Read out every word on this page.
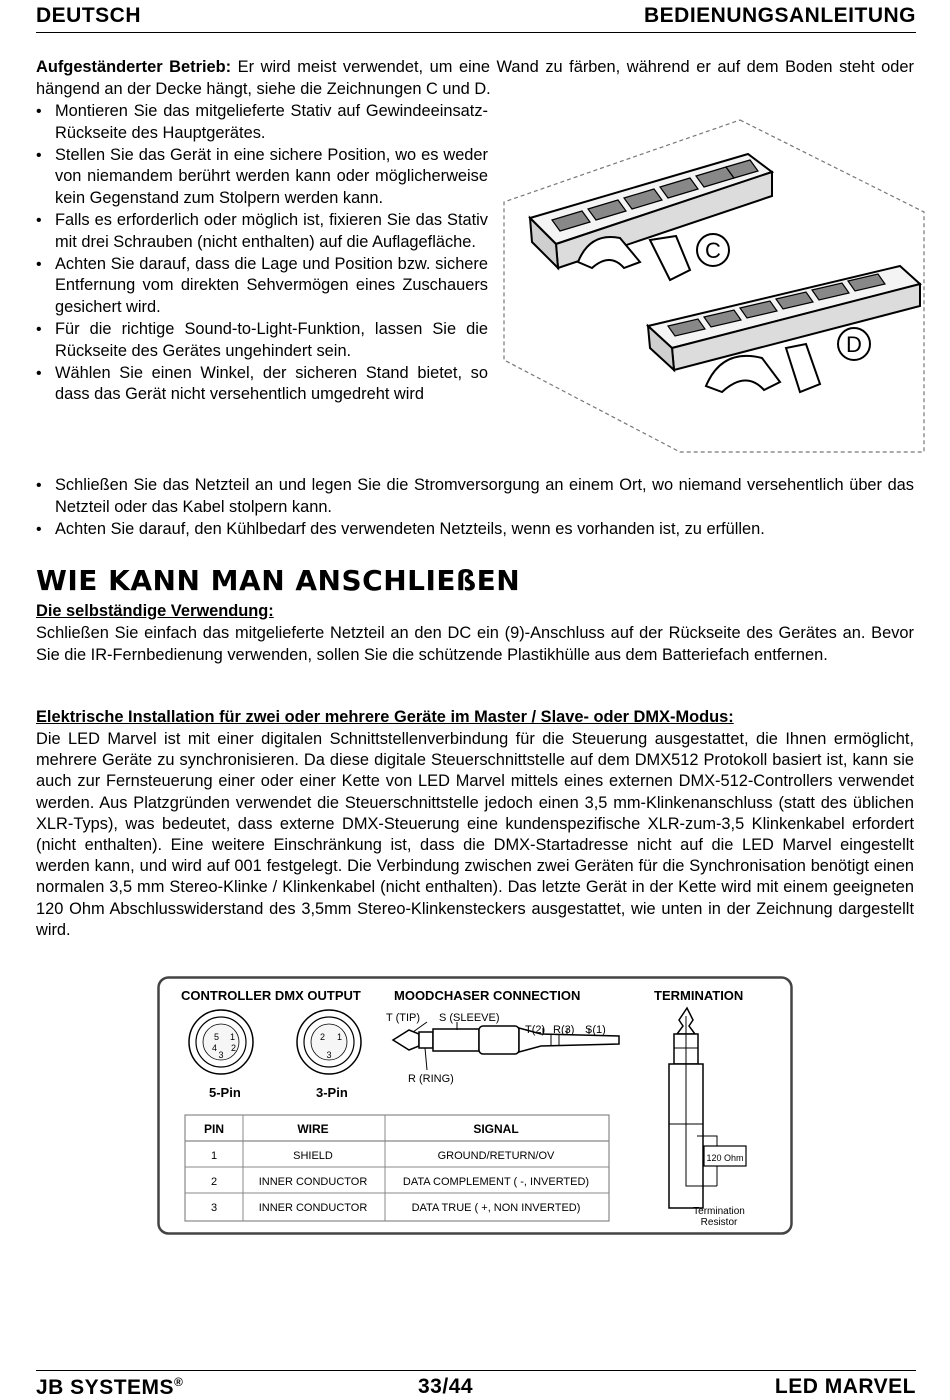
DEUTSCH	BEDIENUNGSANLEITUNG

Aufgeständerter Betrieb: Er wird meist verwendet, um eine Wand zu färben, während er auf dem Boden steht oder hängend an der Decke hängt, siehe die Zeichnungen C und D.

• Montieren Sie das mitgelieferte Stativ auf Gewindeeinsatz-Rückseite des Hauptgerätes.
• Stellen Sie das Gerät in eine sichere Position, wo es weder von niemandem berührt werden kann oder möglicherweise kein Gegenstand zum Stolpern werden kann.
• Falls es erforderlich oder möglich ist, fixieren Sie das Stativ mit drei Schrauben (nicht enthalten) auf die Auflagefläche.
• Achten Sie darauf, dass die Lage und Position bzw. sichere Entfernung vom direkten Sehvermögen eines Zuschauers gesichert wird.
• Für die richtige Sound-to-Light-Funktion, lassen Sie die Rückseite des Gerätes ungehindert sein.
• Wählen Sie einen Winkel, der sicheren Stand bietet, so dass das Gerät nicht versehentlich umgedreht wird
• Schließen Sie das Netzteil an und legen Sie die Stromversorgung an einem Ort, wo niemand versehentlich über das Netzteil oder das Kabel stolpern kann.
• Achten Sie darauf, den Kühlbedarf des verwendeten Netzteils, wenn es vorhanden ist, zu erfüllen.
C
D
WIE KANN MAN ANSCHLIEßEN
Die selbständige Verwendung:

Schließen Sie einfach das mitgelieferte Netzteil an den DC ein (9)-Anschluss auf der Rückseite des Gerätes an. Bevor Sie die IR-Fernbedienung verwenden, sollen Sie die schützende Plastikhülle aus dem Batteriefach entfernen.

Elektrische Installation für zwei oder mehrere Geräte im Master / Slave- oder DMX-Modus:

Die LED Marvel ist mit einer digitalen Schnittstellenverbindung für die Steuerung ausgestattet, die Ihnen ermöglicht, mehrere Geräte zu synchronisieren. Da diese digitale Steuerschnittstelle auf dem DMX512 Protokoll basiert ist, kann sie auch zur Fernsteuerung einer oder einer Kette von LED Marvel mittels eines externen DMX-512-Controllers verwendet werden. Aus Platzgründen verwendet die Steuerschnittstelle jedoch einen 3,5 mm-Klinkenanschluss (statt des üblichen XLR-Typs), was bedeutet, dass externe DMX-Steuerung eine kundenspezifische XLR-zum-3,5 Klinkenkabel erfordert (nicht enthalten). Eine weitere Einschränkung ist, dass die DMX-Startadresse nicht auf die LED Marvel eingestellt werden kann, und wird auf 001 festgelegt. Die Verbindung zwischen zwei Geräten für die Synchronisation benötigt einen normalen 3,5 mm Stereo-Klinke / Klinkenkabel (nicht enthalten). Das letzte Gerät in der Kette wird mit einem geeigneten 120 Ohm Abschlusswiderstand des 3,5mm Stereo-Klinkensteckers ausgestattet, wie unten in der Zeichnung dargestellt wird.

CONTROLLER DMX OUTPUT	MOODCHASER CONNECTION	TERMINATION
5 1
4 2
3
5-Pin
2 1
3
3-Pin
T (TIP) S (SLEEVE)
T(2) R(3) S(1)
R (RING)
120 Ohm
Termination
Resistor
PIN	WIRE	SIGNAL
1	SHIELD	GROUND/RETURN/OV
2	INNER CONDUCTOR	DATA COMPLEMENT ( -, INVERTED)
3	INNER CONDUCTOR	DATA TRUE ( +, NON INVERTED)
JB SYSTEMS®	33/44	LED MARVEL
